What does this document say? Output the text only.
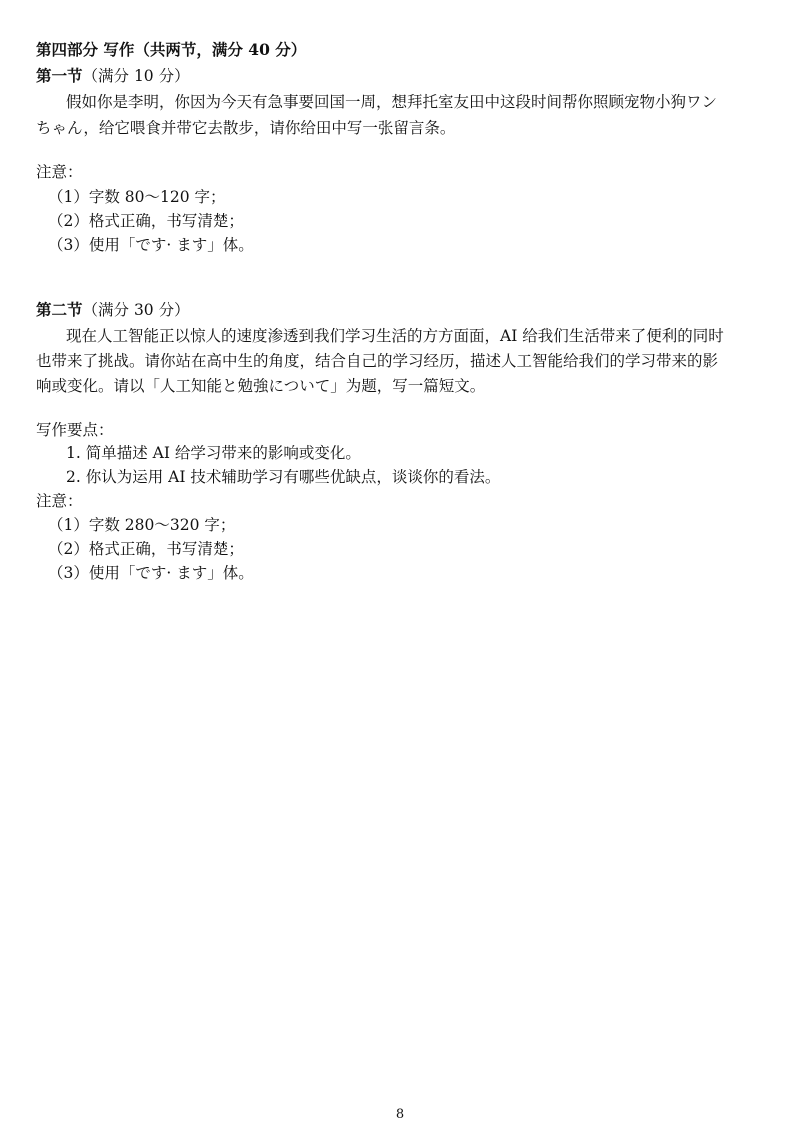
第四部分 写作（共两节，满分 40 分）
第一节（满分 10 分）
假如你是李明，你因为今天有急事要回国一周，想拜托室友田中这段时间帮你照顾宠物小狗ワン
ちゃん，给它喂食并带它去散步，请你给田中写一张留言条。
注意：
（1）字数 80～120 字；
（2）格式正确，书写清楚；
（3）使用「です· ます」体。
第二节（满分 30 分）
现在人工智能正以惊人的速度渗透到我们学习生活的方方面面，AI 给我们生活带来了便利的同时
也带来了挑战。请你站在高中生的角度，结合自己的学习经历，描述人工智能给我们的学习带来的影
响或变化。请以「人工知能と勉強について」为题，写一篇短文。
写作要点：
1. 简单描述 AI 给学习带来的影响或变化。
2. 你认为运用 AI 技术辅助学习有哪些优缺点，谈谈你的看法。
注意：
（1）字数 280～320 字；
（2）格式正确，书写清楚；
（3）使用「です· ます」体。
8
